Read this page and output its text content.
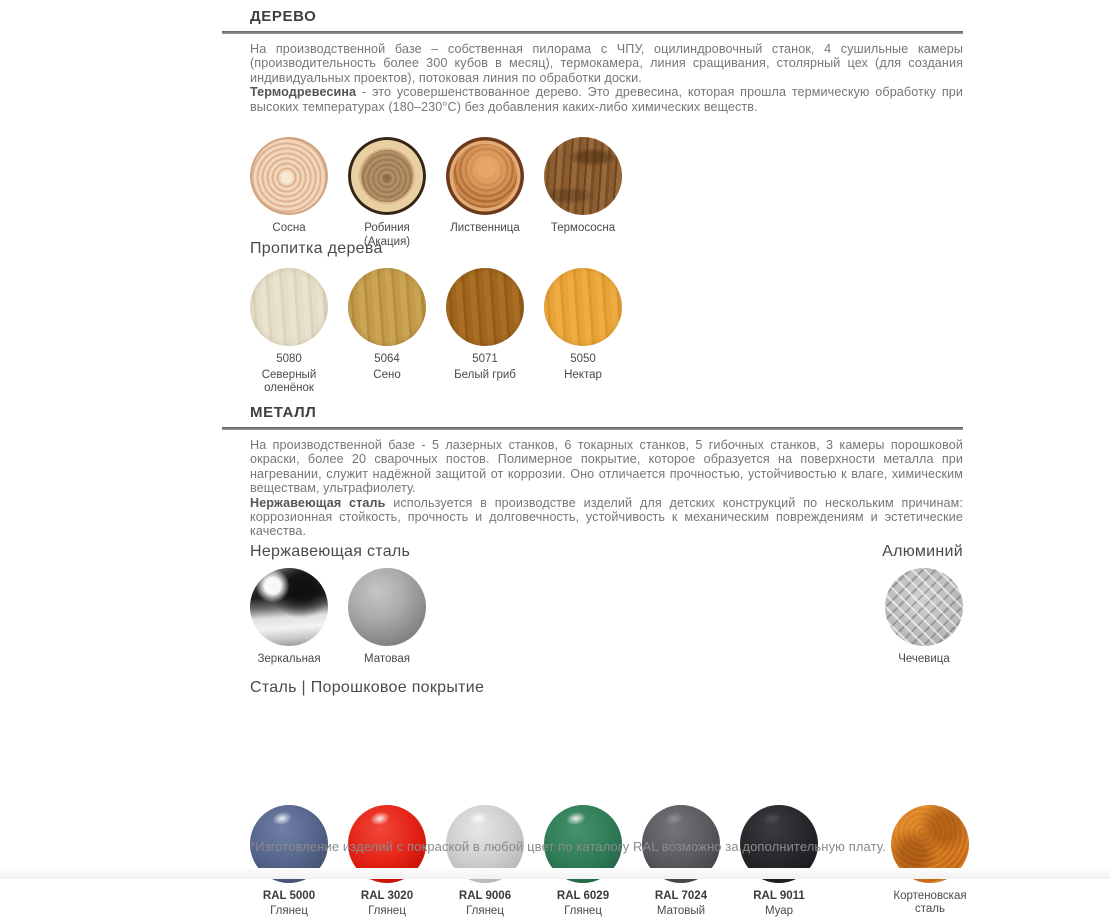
ДЕРЕВО

На производственной базе – собственная пилорама с ЧПУ, оцилиндровочный станок, 4 сушильные камеры (производительность более 300 кубов в месяц), термокамера, линия сращивания, столярный цех (для создания индивидуальных проектов), потоковая линия по обработки доски.

Термодревесина - это усовершенствованное дерево. Это древесина, которая прошла термическую обработку при высоких температурах (180–230°C) без добавления каких-либо химических веществ.

Сосна	Робиния (Акация)
Лиственница	Термососна
Пропитка дерева
5080
Северный оленёнок
5064
Сено
5071
Белый гриб
5050
Нектар
МЕТАЛЛ

На производственной базе - 5 лазерных станков, 6 токарных станков, 5 гибочных станков, 3 камеры порошковой окраски, более 20 сварочных постов. Полимерное покрытие, которое образуется на поверхности металла при нагревании, служит надёжной защитой от коррозии. Оно отличается прочностью, устойчивостью к влаге, химическим веществам, ультрафиолету.

Нержавеющая сталь используется в производстве изделий для детских конструкций по нескольким причинам: коррозионная стойкость, прочность и долговечность, устойчивость к механическим повреждениям и эстетические качества.

Нержавеющая сталь	Алюминий
Зеркальная	Матовая	Чечевица
Сталь | Порошковое покрытие
RAL 5000
Глянец
RAL 3020
Глянец
RAL 9006
Глянец
RAL 6029
Глянец
RAL 7024
Матовый
RAL 9011
Муар
Кортеновская сталь
*Изготовление изделий с покраской в любой цвет по каталогу RAL возможно за дополнительную плату.
